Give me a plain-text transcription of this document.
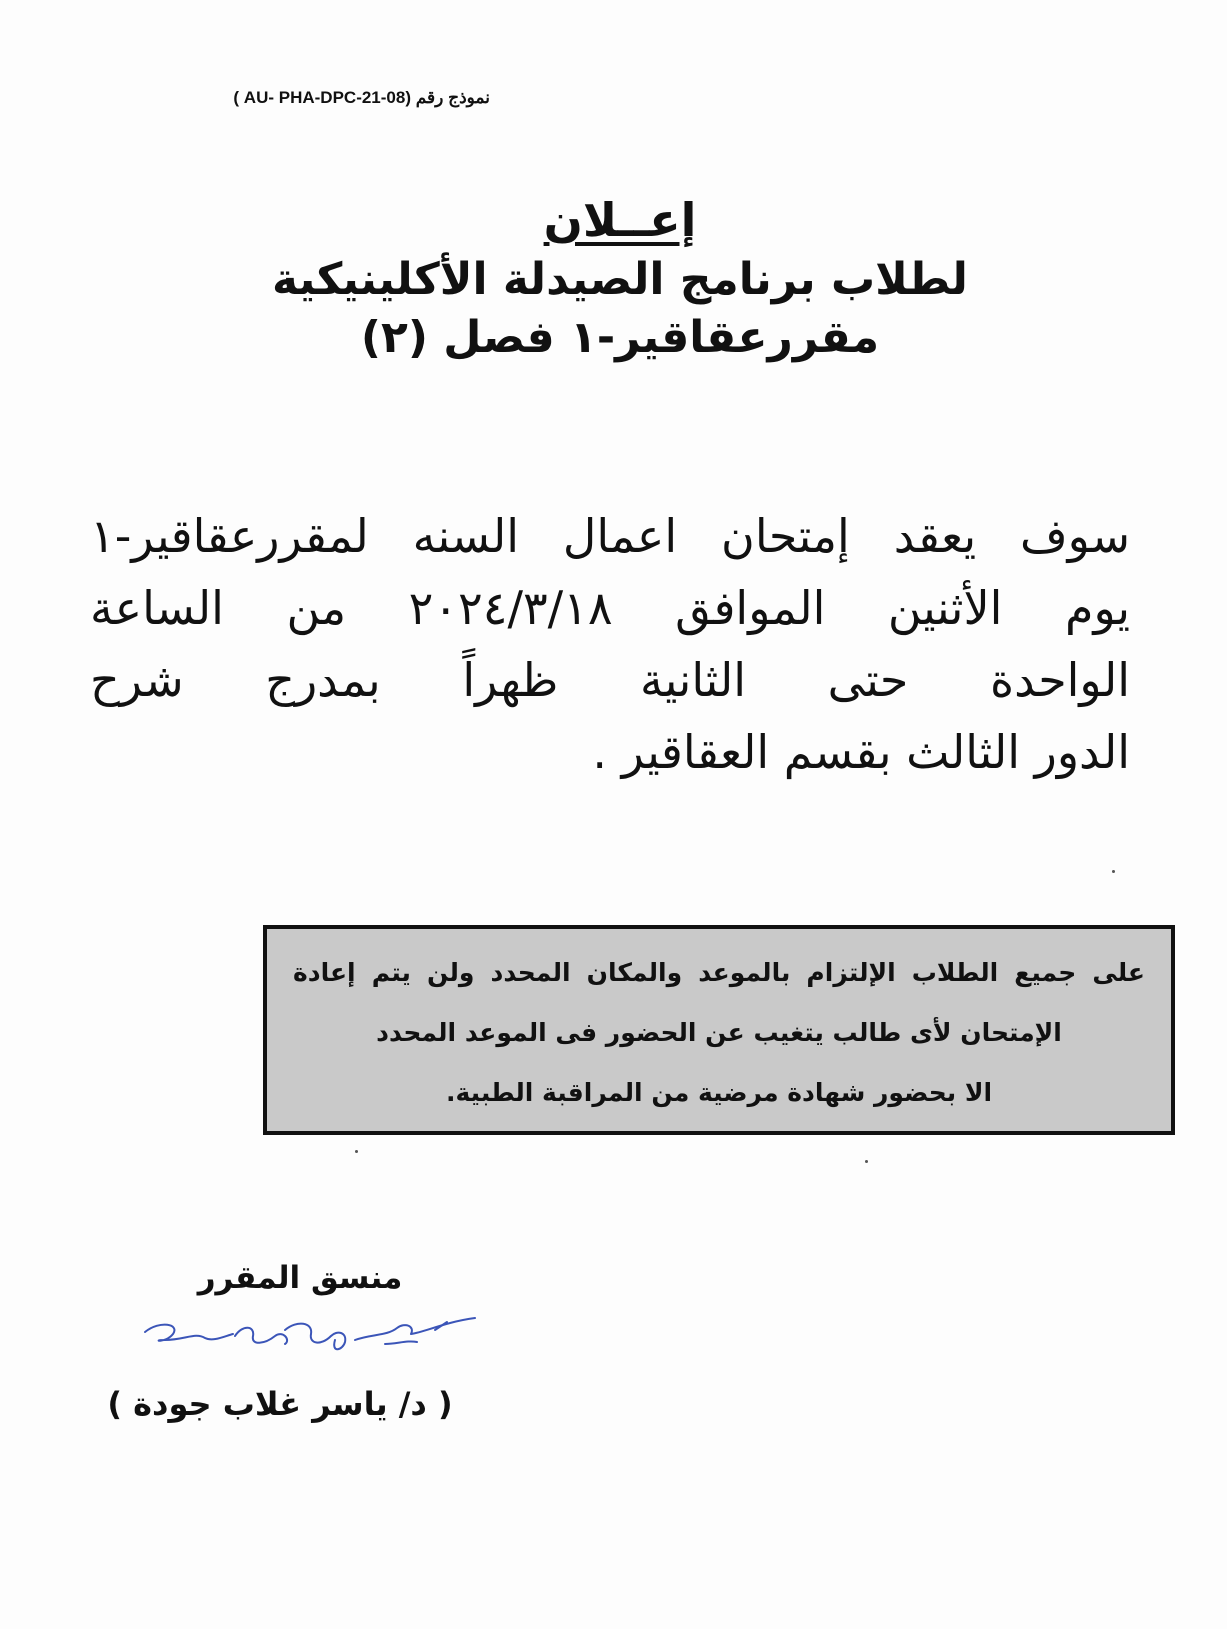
نموذج رقم ( AU- PHA-DPC-21-08)
إعــلان
لطلاب برنامج الصيدلة الأكلينيكية
مقررعقاقير-١ فصل (٢)
سوف يعقد إمتحان اعمال السنه لمقررعقاقير-١
يوم الأثنين الموافق ٢٠٢٤/٣/١٨ من الساعة
الواحدة حتى الثانية ظهراً بمدرج شرح
الدور الثالث بقسم العقاقير .
على جميع الطلاب الإلتزام بالموعد والمكان المحدد ولن يتم إعادة
الإمتحان لأى طالب يتغيب عن الحضور فى الموعد المحدد
الا بحضور شهادة مرضية من المراقبة الطبية.
منسق المقرر
( د/ ياسر غلاب جودة )
